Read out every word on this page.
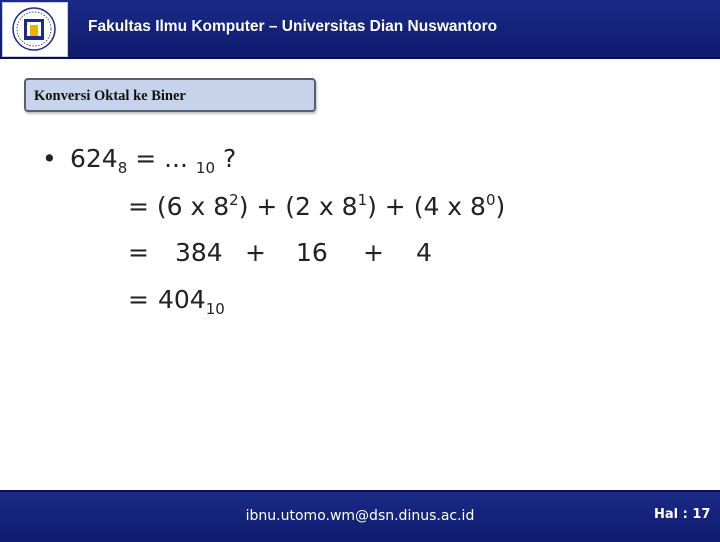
Fakultas Ilmu Komputer – Universitas Dian Nuswantoro
Konversi Oktal ke Biner
• $624_8$ = ... $_{10}$ ?
= (6 x $8^2) + (2$ x $8^1) + (4$ x $8^0$)
= 384 + 16 + 4
= $404_{10}$
ibnu.utomo.wm@dsn.dinus.ac.id	Hal : 17
